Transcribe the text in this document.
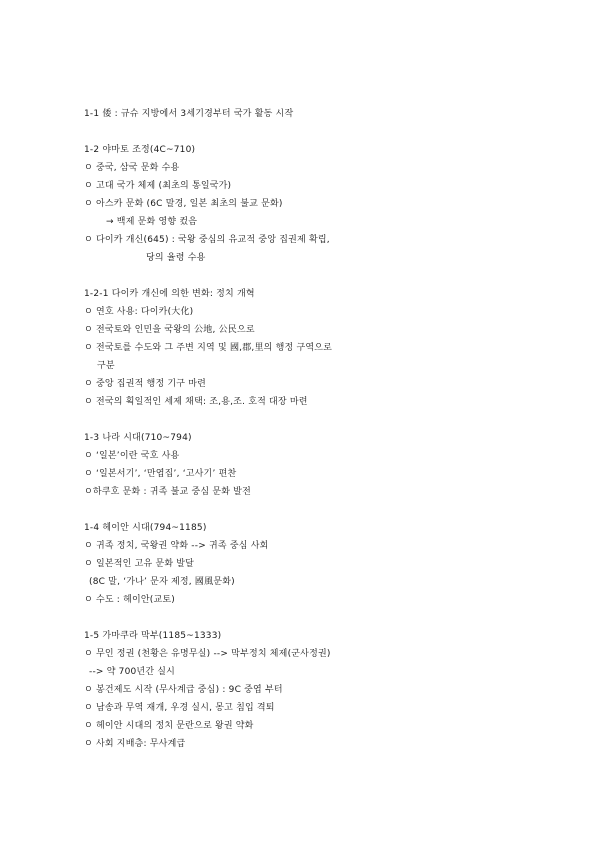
1-1 倭 : 규슈 지방에서 3세기경부터 국가 활동 시작
1-2 야마토 조정(4C~710)
ㅇ 중국, 삼국 문화 수용
ㅇ 고대 국가 체제 (최초의 통일국가)
ㅇ 아스카 문화 (6C 말경, 일본 최초의 불교 문화)
→ 백제 문화 영향 컸음
ㅇ 다이카 개신(645) : 국왕 중심의 유교적 중앙 집권제 확립,
당의 율령 수용
1-2-1 다이카 개신에 의한 변화: 정치 개혁
ㅇ 연호 사용: 다이카(大化)
ㅇ 전국토와 인민을 국왕의 公地, 公民으로
ㅇ 전국토를 수도와 그 주변 지역 및 國,郡,里의 행정 구역으로
구분
ㅇ 중앙 집권적 행정 기구 마련
ㅇ 전국의 획일적인 세제 채택: 조,용,조. 호적 대장 마련
1-3 나라 시대(710~794)
ㅇ ‘일본’이란 국호 사용
ㅇ ‘일본서기’, ‘만엽집’, ‘고사기’ 편찬
ㅇ하쿠호 문화 : 귀족 불교 중심 문화 발전
1-4 헤이안 시대(794~1185)
ㅇ 귀족 정치, 국왕권 약화 --> 귀족 중심 사회
ㅇ 일본적인 고유 문화 발달
(8C 말, ‘가나’ 문자 제정, 國風문화)
ㅇ 수도 : 헤이안(교토)
1-5 가마쿠라 막부(1185~1333)
ㅇ 무인 정권 (천황은 유명무실) --> 막부정치 체제(군사정권)
--> 약 700년간 실시
ㅇ 봉건제도 시작 (무사계급 중심) : 9C 중엽 부터
ㅇ 남송과 무역 재개, 우경 실시, 몽고 침입 격퇴
ㅇ 헤이안 시대의 정치 문란으로 왕권 약화
ㅇ 사회 지배층: 무사계급
